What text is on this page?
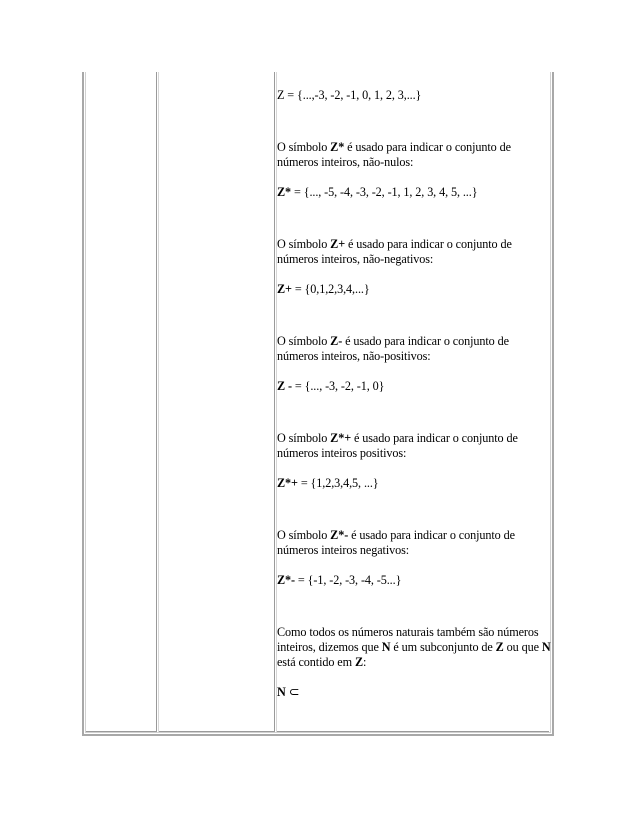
Z = {...,-3, -2, -1, 0, 1, 2, 3,...}

O símbolo Z* é usado para indicar o conjunto de números inteiros, não-nulos:

Z* = {..., -5, -4, -3, -2, -1, 1, 2, 3, 4, 5, ...}

O símbolo Z+ é usado para indicar o conjunto de números inteiros, não-negativos:

Z+ = {0,1,2,3,4,...}

O símbolo Z- é usado para indicar o conjunto de números inteiros, não-positivos:

Z - = {..., -3, -2, -1, 0}

O símbolo Z*+ é usado para indicar o conjunto de números inteiros positivos:

Z*+ = {1,2,3,4,5, ...}

O símbolo Z*- é usado para indicar o conjunto de números inteiros negativos:

Z*- = {-1, -2, -3, -4, -5...}

Como todos os números naturais também são números inteiros, dizemos que N é um subconjunto de Z ou que N está contido em Z:

N ⊂
